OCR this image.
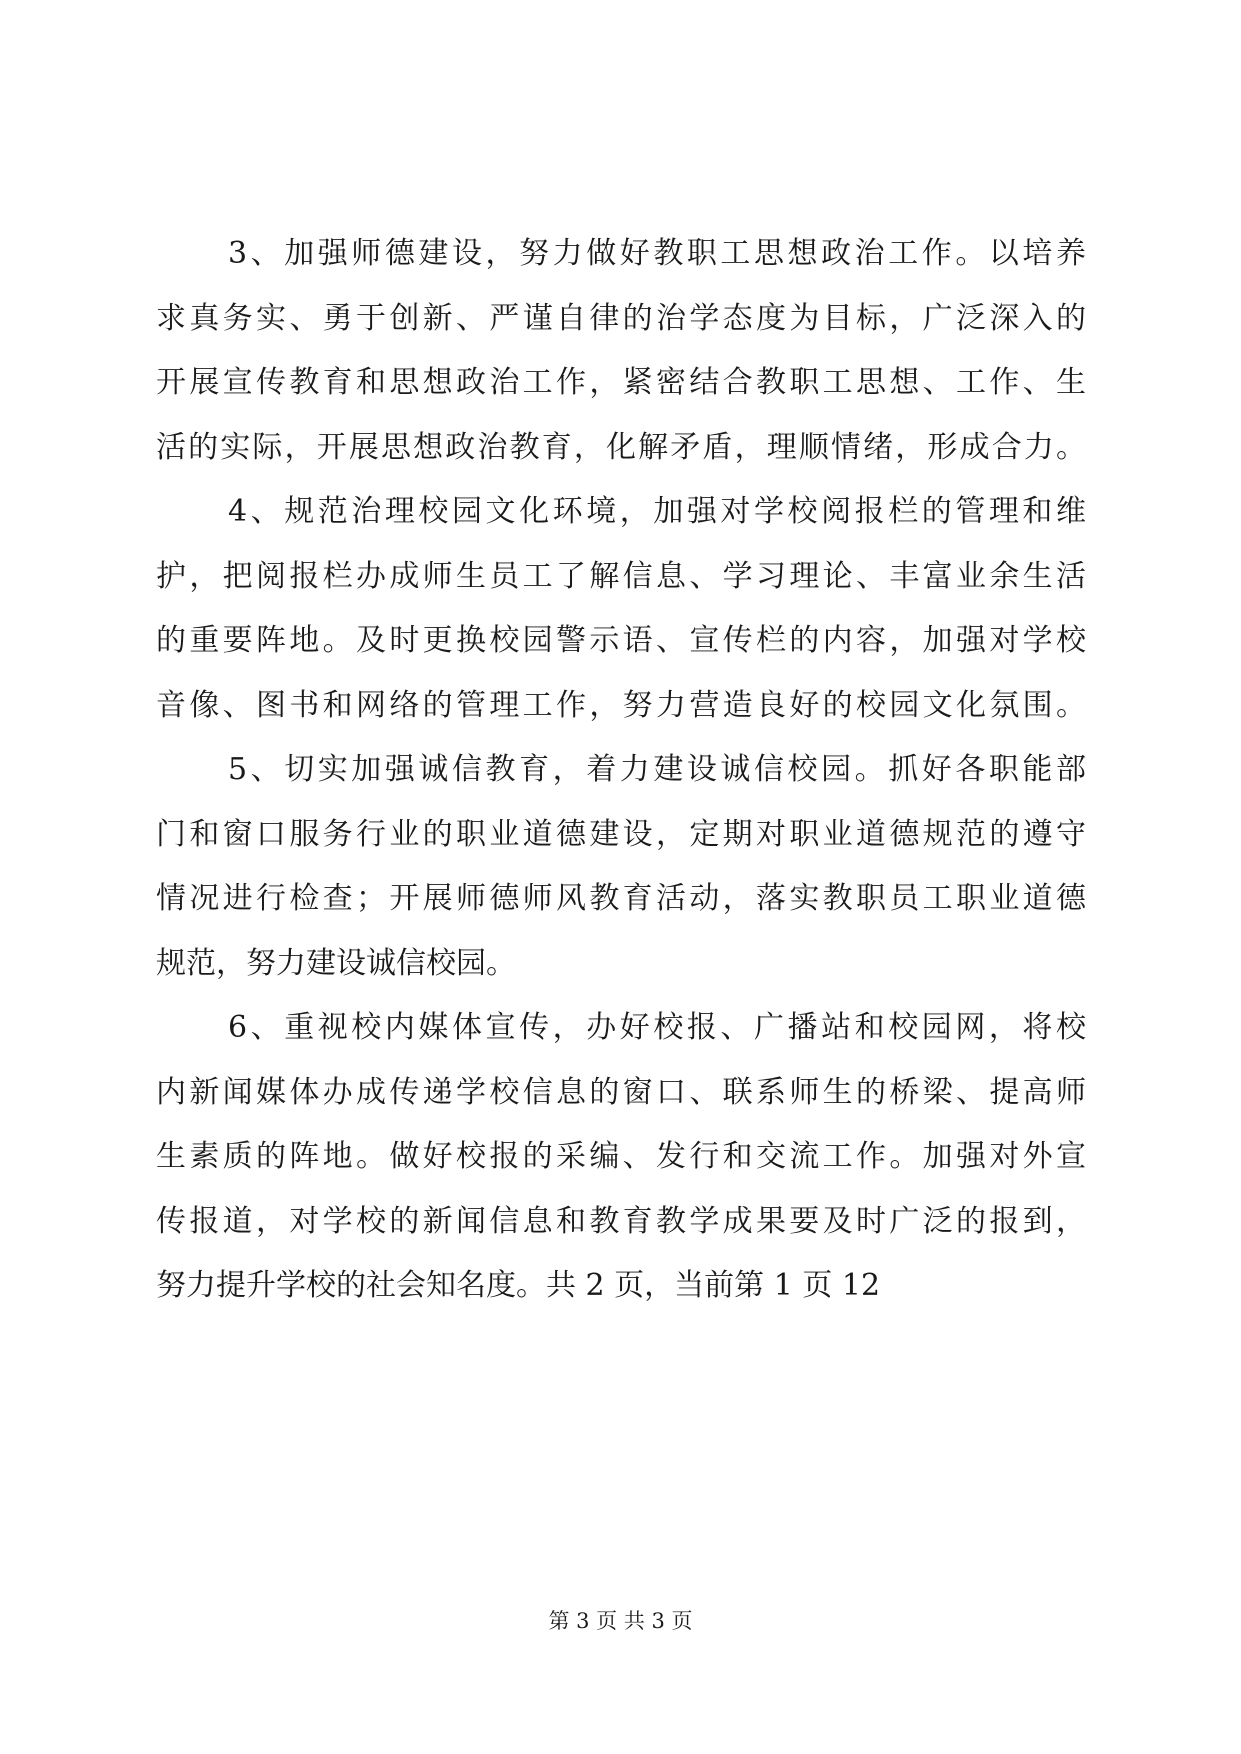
3、加强师德建设，努力做好教职工思想政治工作。以培养
求真务实、勇于创新、严谨自律的治学态度为目标，广泛深入的
开展宣传教育和思想政治工作，紧密结合教职工思想、工作、生
活的实际，开展思想政治教育，化解矛盾，理顺情绪，形成合力。
4、规范治理校园文化环境，加强对学校阅报栏的管理和维
护，把阅报栏办成师生员工了解信息、学习理论、丰富业余生活
的重要阵地。及时更换校园警示语、宣传栏的内容，加强对学校
音像、图书和网络的管理工作，努力营造良好的校园文化氛围。
5、切实加强诚信教育，着力建设诚信校园。抓好各职能部
门和窗口服务行业的职业道德建设，定期对职业道德规范的遵守
情况进行检查；开展师德师风教育活动，落实教职员工职业道德
规范，努力建设诚信校园。
6、重视校内媒体宣传，办好校报、广播站和校园网，将校
内新闻媒体办成传递学校信息的窗口、联系师生的桥梁、提高师
生素质的阵地。做好校报的采编、发行和交流工作。加强对外宣
传报道，对学校的新闻信息和教育教学成果要及时广泛的报到，
努力提升学校的社会知名度。共 2 页，当前第 1 页 12
第 3 页 共 3 页
